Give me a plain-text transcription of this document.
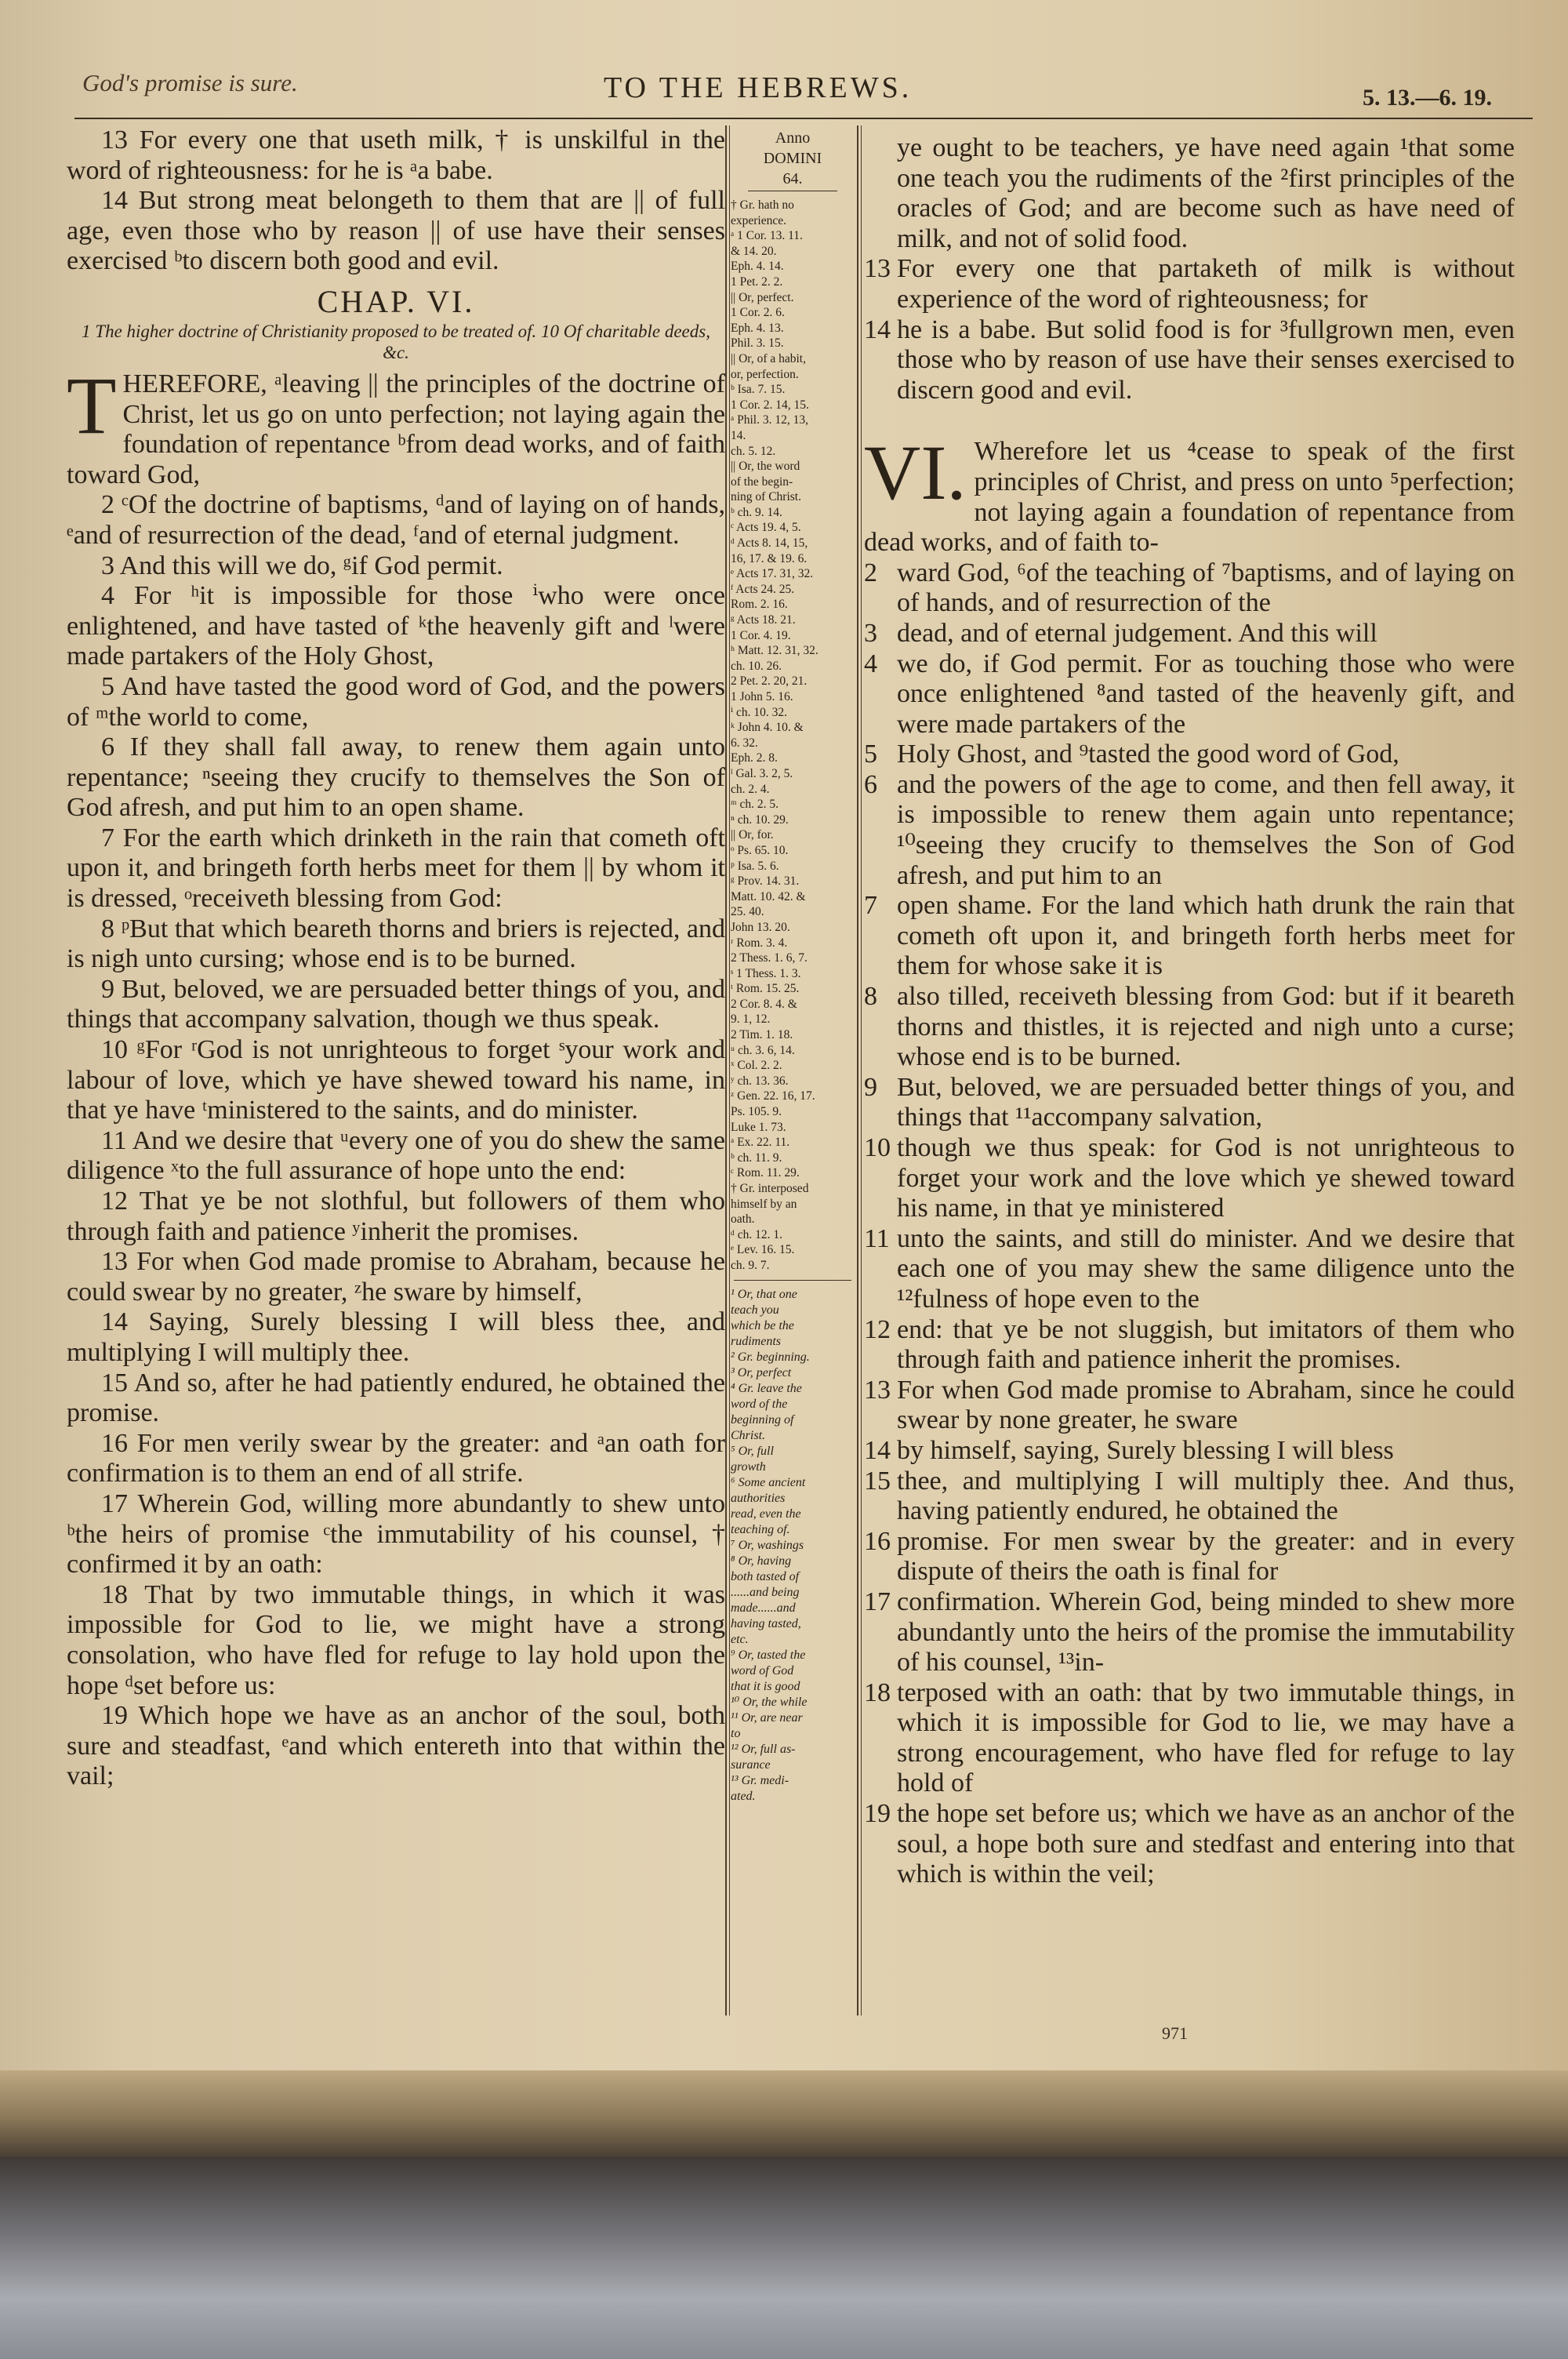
God's promise is sure.	TO THE HEBREWS.	5. 13.—6. 19.

13 For every one that useth milk, † is unskilful in the word of righteousness: for he is ᵃa babe.

14 But strong meat belongeth to them that are || of full age, even those who by reason || of use have their senses exercised ᵇto discern both good and evil.

CHAP. VI.
1 The higher doctrine of Christianity proposed to be treated of. 10 Of charitable deeds, &c.

T HEREFORE, ᵃleaving || the principles of the doctrine of Christ, let us go on unto perfection; not laying again the foundation of repentance ᵇfrom dead works, and of faith toward God,

2 ᶜOf the doctrine of baptisms, ᵈand of laying on of hands, ᵉand of resurrection of the dead, ᶠand of eternal judgment.

3 And this will we do, ᵍif God permit.

4 For ʰit is impossible for those ⁱwho were once enlightened, and have tasted of ᵏthe heavenly gift and ˡwere made partakers of the Holy Ghost,

5 And have tasted the good word of God, and the powers of ᵐthe world to come,

6 If they shall fall away, to renew them again unto repentance; ⁿseeing they crucify to themselves the Son of God afresh, and put him to an open shame.

7 For the earth which drinketh in the rain that cometh oft upon it, and bringeth forth herbs meet for them || by whom it is dressed, ᵒreceiveth blessing from God:

8 ᵖBut that which beareth thorns and briers is rejected, and is nigh unto cursing; whose end is to be burned.

9 But, beloved, we are persuaded better things of you, and things that accompany salvation, though we thus speak.

10 ᵍFor ʳGod is not unrighteous to forget ˢyour work and labour of love, which ye have shewed toward his name, in that ye have ᵗministered to the saints, and do minister.

11 And we desire that ᵘevery one of you do shew the same diligence ˣto the full assurance of hope unto the end:

12 That ye be not slothful, but followers of them who through faith and patience ʸinherit the promises.

13 For when God made promise to Abraham, because he could swear by no greater, ᶻhe sware by himself,

14 Saying, Surely blessing I will bless thee, and multiplying I will multiply thee.

15 And so, after he had patiently endured, he obtained the promise.

16 For men verily swear by the greater: and ᵃan oath for confirmation is to them an end of all strife.

17 Wherein God, willing more abundantly to shew unto ᵇthe heirs of promise ᶜthe immutability of his counsel, † confirmed it by an oath:

18 That by two immutable things, in which it was impossible for God to lie, we might have a strong consolation, who have fled for refuge to lay hold upon the hope ᵈset before us:

19 Which hope we have as an anchor of the soul, both sure and steadfast, ᵉand which entereth into that within the vail;

Anno
DOMINI
64.

† Gr. hath no

experience.

ᵃ 1 Cor. 13. 11.

& 14. 20.

Eph. 4. 14.

1 Pet. 2. 2.

|| Or, perfect.

1 Cor. 2. 6.

Eph. 4. 13.

Phil. 3. 15.

|| Or, of a habit,

or, perfection.

ᵇ Isa. 7. 15.

1 Cor. 2. 14, 15.

ᵃ Phil. 3. 12, 13,

14.

ch. 5. 12.

|| Or, the word

of the begin-

ning of Christ.

ᵇ ch. 9. 14.

ᶜ Acts 19. 4, 5.

ᵈ Acts 8. 14, 15,

16, 17. & 19. 6.

ᵉ Acts 17. 31, 32.

ᶠ Acts 24. 25.

Rom. 2. 16.

ᵍ Acts 18. 21.

1 Cor. 4. 19.

ʰ Matt. 12. 31, 32.

ch. 10. 26.

2 Pet. 2. 20, 21.

1 John 5. 16.

ⁱ ch. 10. 32.

ᵏ John 4. 10. &

6. 32.

Eph. 2. 8.

ˡ Gal. 3. 2, 5.

ch. 2. 4.

ᵐ ch. 2. 5.

ⁿ ch. 10. 29.

|| Or, for.

ᵒ Ps. 65. 10.

ᵖ Isa. 5. 6.

ᵍ Prov. 14. 31.

Matt. 10. 42. &

25. 40.

John 13. 20.

ʳ Rom. 3. 4.

2 Thess. 1. 6, 7.

ˢ 1 Thess. 1. 3.

ᵗ Rom. 15. 25.

2 Cor. 8. 4. &

9. 1, 12.

2 Tim. 1. 18.

ᵘ ch. 3. 6, 14.

ˣ Col. 2. 2.

ʸ ch. 13. 36.

ᶻ Gen. 22. 16, 17.

Ps. 105. 9.

Luke 1. 73.

ᵃ Ex. 22. 11.

ᵇ ch. 11. 9.

ᶜ Rom. 11. 29.

† Gr. interposed

himself by an

oath.

ᵈ ch. 12. 1.

ᵉ Lev. 16. 15.

ch. 9. 7.

¹ Or, that one

teach you

which be the

rudiments

² Gr. beginning.

³ Or, perfect

⁴ Gr. leave the

word of the

beginning of

Christ.

⁵ Or, full

growth

⁶ Some ancient

authorities

read, even the

teaching of.

⁷ Or, washings

⁸ Or, having

both tasted of

......and being

made......and

having tasted,

etc.

⁹ Or, tasted the

word of God

that it is good

¹⁰ Or, the while

¹¹ Or, are near

to

¹² Or, full as-

surance

¹³ Gr. medi-

ated.

ye ought to be teachers, ye have need again ¹that some one teach you the rudiments of the ²first principles of the oracles of God; and are become such as have need of milk, and not of solid food.

13 For every one that partaketh of milk is without experience of the word of righteousness; for

14 he is a babe. But solid food is for ³fullgrown men, even those who by reason of use have their senses exercised to discern good and evil.

VI. Wherefore let us ⁴cease to speak of the first principles of Christ, and press on unto ⁵perfection; not laying again a foundation of repentance from dead works, and of faith to-

2 ward God, ⁶of the teaching of ⁷baptisms, and of laying on of hands, and of resurrection of the

3 dead, and of eternal judgement. And this will

4 we do, if God permit. For as touching those who were once enlightened ⁸and tasted of the heavenly gift, and were made partakers of the

5 Holy Ghost, and ⁹tasted the good word of God,

6 and the powers of the age to come, and then fell away, it is impossible to renew them again unto repentance; ¹⁰seeing they crucify to themselves the Son of God afresh, and put him to an

7 open shame. For the land which hath drunk the rain that cometh oft upon it, and bringeth forth herbs meet for them for whose sake it is

8 also tilled, receiveth blessing from God: but if it beareth thorns and thistles, it is rejected and nigh unto a curse; whose end is to be burned.

9 But, beloved, we are persuaded better things of you, and things that ¹¹accompany salvation,

10 though we thus speak: for God is not unrighteous to forget your work and the love which ye shewed toward his name, in that ye ministered

11 unto the saints, and still do minister. And we desire that each one of you may shew the same diligence unto the ¹²fulness of hope even to the

12 end: that ye be not sluggish, but imitators of them who through faith and patience inherit the promises.

13 For when God made promise to Abraham, since he could swear by none greater, he sware

14 by himself, saying, Surely blessing I will bless

15 thee, and multiplying I will multiply thee. And thus, having patiently endured, he obtained the

16 promise. For men swear by the greater: and in every dispute of theirs the oath is final for

17 confirmation. Wherein God, being minded to shew more abundantly unto the heirs of the promise the immutability of his counsel, ¹³in-

18 terposed with an oath: that by two immutable things, in which it is impossible for God to lie, we may have a strong encouragement, who have fled for refuge to lay hold of

19 the hope set before us; which we have as an anchor of the soul, a hope both sure and stedfast and entering into that which is within the veil;

971
